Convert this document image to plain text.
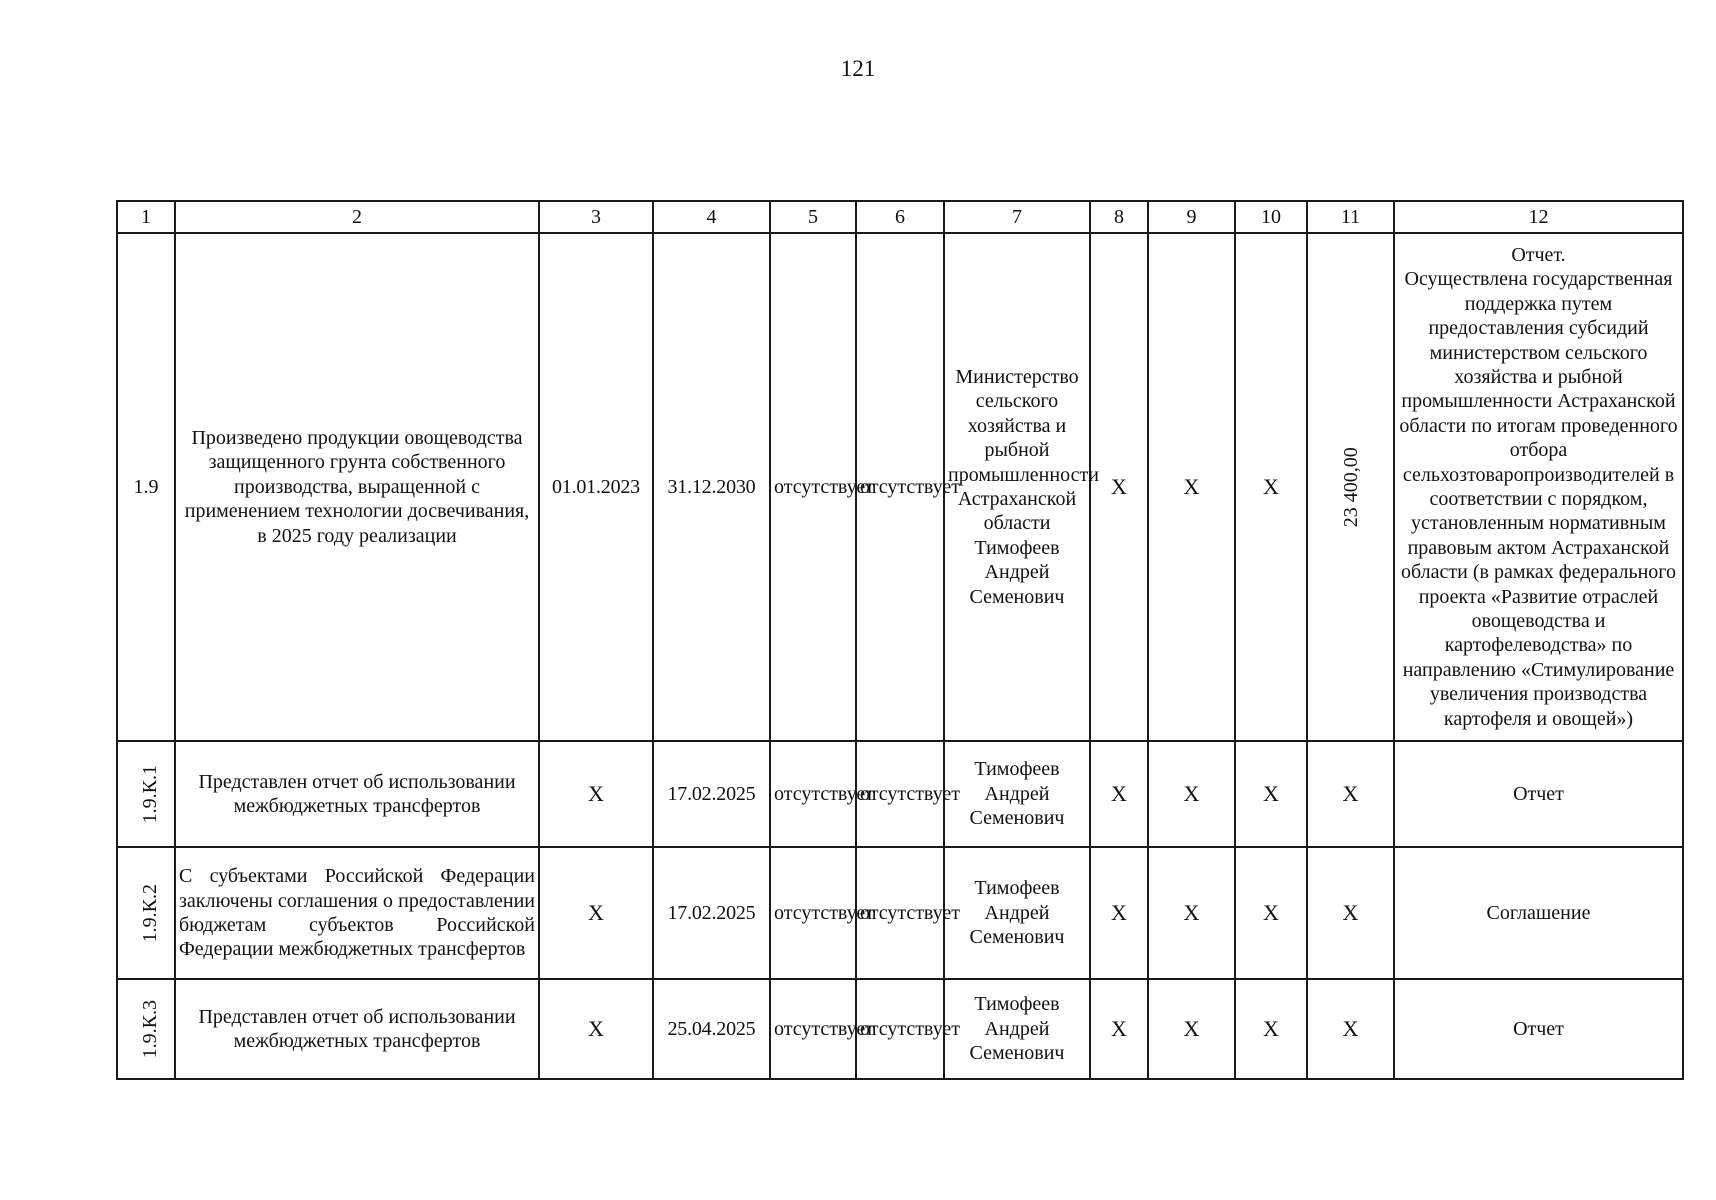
121
1	2	3	4	5	6	7	8	9	10	11	12
1.9	Произведено продукции овощеводства защищенного грунта собственного производства, выращенной с применением технологии досвечивания, в 2025 году реализации	01.01.2023	31.12.2030	отсутствует	отсутствует	Министерство сельского хозяйства и рыбной промышленности Астраханской области Тимофеев Андрей Семенович	X	X	X	23 400,00	Отчет.
Осуществлена государственная поддержка путем предоставления субсидий министерством сельского хозяйства и рыбной промышленности Астраханской области по итогам проведенного отбора сельхозтоваропроизводителей в соответствии с порядком, установленным нормативным правовым актом Астраханской области (в рамках федерального проекта «Развитие отраслей овощеводства и картофелеводства» по направлению «Стимулирование увеличения производства картофеля и овощей»)

1.9.К.1	Представлен отчет об использовании межбюджетных трансфертов	X	17.02.2025	отсутствует	отсутствует	Тимофеев Андрей Семенович	X	X	X	X	Отчет
1.9.К.2	С субъектами Российской Федерации заключены соглашения о предоставлении бюджетам субъектов Российской Федерации межбюджетных трансфертов	X	17.02.2025	отсутствует	отсутствует	Тимофеев Андрей Семенович	X	X	X	X	Соглашение
1.9.К.3	Представлен отчет об использовании межбюджетных трансфертов	X	25.04.2025	отсутствует	отсутствует	Тимофеев Андрей Семенович	X	X	X	X	Отчет
